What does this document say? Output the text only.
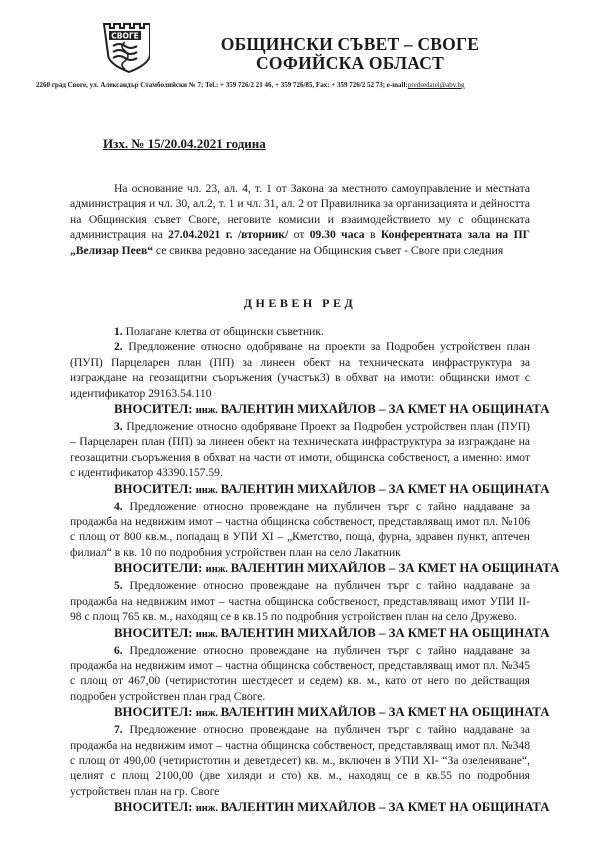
СВОГЕ	ОБЩИНСКИ СЪВЕТ – СВОГЕ
СОФИЙСКА ОБЛАСТ
2260 град Своге, ул. Александър Стамболийски № 7; Tel.: + 359 726/2 21 46, + 359 726/85, Fax: + 359 726/2 52 73; e-mail:predsedatel@abv.bg
Изх. № 15/20.04.2021 година

На основание чл. 23, ал. 4, т. 1 от Закона за местното самоуправление и местната администрация и чл. 30, ал.2, т. 1 и чл. 31, ал. 2 от Правилника за организацията и дейността на Общинския съвет Своге, неговите комисии и взаимодействието му с общинската администрация на 27.04.2021 г. /вторник/ от 09.30 часа в Конферентната зала на ПГ „Велизар Пеев“ се свиква редовно заседание на Общинския съвет - Своге при следния

ДНЕВЕН РЕД

1. Полагане клетва от общински съветник.

2. Предложение относно одобряване на проекти за Подробен устройствен план (ПУП) Парцеларен план (ПП) за линеен обект на техническата инфраструктура за изграждане на геозащитни съоръжения (участък3) в обхват на имоти: общински имот с идентификатор 29163.54.110

ВНОСИТЕЛ: инж. ВАЛЕНТИН МИХАЙЛОВ – ЗА КМЕТ НА ОБЩИНАТА

3. Предложение относно одобряване Проект за Подробен устройствен план (ПУП) – Парцеларен план (ПП) за линеен обект на техническата инфраструктура за изграждане на геозащитни съоръжения в обхват на части от имоти, общинска собственост, а именно: имот с идентификатор 43390.157.59.

ВНОСИТЕЛ: инж. ВАЛЕНТИН МИХАЙЛОВ – ЗА КМЕТ НА ОБЩИНАТА

4. Предложение относно провеждане на публичен търг с тайно наддаване за продажба на недвижим имот – частна общинска собственост, представляващ имот пл. №106 с площ от 800 кв.м., попадащ в УПИ XI – „Кметство, поща, фурна, здравен пункт, аптечен филиал“ в кв. 10 по подробния устройствен план на село Лакатник

ВНОСИТЕЛИ: инж. ВАЛЕНТИН МИХАЙЛОВ – ЗА КМЕТ НА ОБЩИНАТА

5. Предложение относно провеждане на публичен търг с тайно наддаване за продажба на недвижим имот – частна общинска собственост, представляващ имот УПИ II-98 с площ 765 кв. м., находящ се в кв.15 по подробния устройствен план на село Дружево.

ВНОСИТЕЛ: инж. ВАЛЕНТИН МИХАЙЛОВ – ЗА КМЕТ НА ОБЩИНАТА

6. Предложение относно провеждане на публичен търг с тайно наддаване за продажба на недвижим имот – частна общинска собственост, представляващ имот пл. №345 с площ от 467,00 (четиристотин шестдесет и седем) кв. м., като от него по действащия подробен устройствен план град Своге.

ВНОСИТЕЛ: инж. ВАЛЕНТИН МИХАЙЛОВ – ЗА КМЕТ НА ОБЩИНАТА

7. Предложение относно провеждане на публичен търг с тайно наддаване за продажба на недвижим имот – частна общинска собственост, представляващ имот пл. №348 с площ от 490,00 (четиристотин и деветдесет) кв. м., включен в УПИ XI- “За озеленяване“, целият с площ 2100,00 (две хиляди и сто) кв. м., находящ се в кв.55 по подробния устройствен план на гр. Своге

ВНОСИТЕЛ: инж. ВАЛЕНТИН МИХАЙЛОВ – ЗА КМЕТ НА ОБЩИНАТА
